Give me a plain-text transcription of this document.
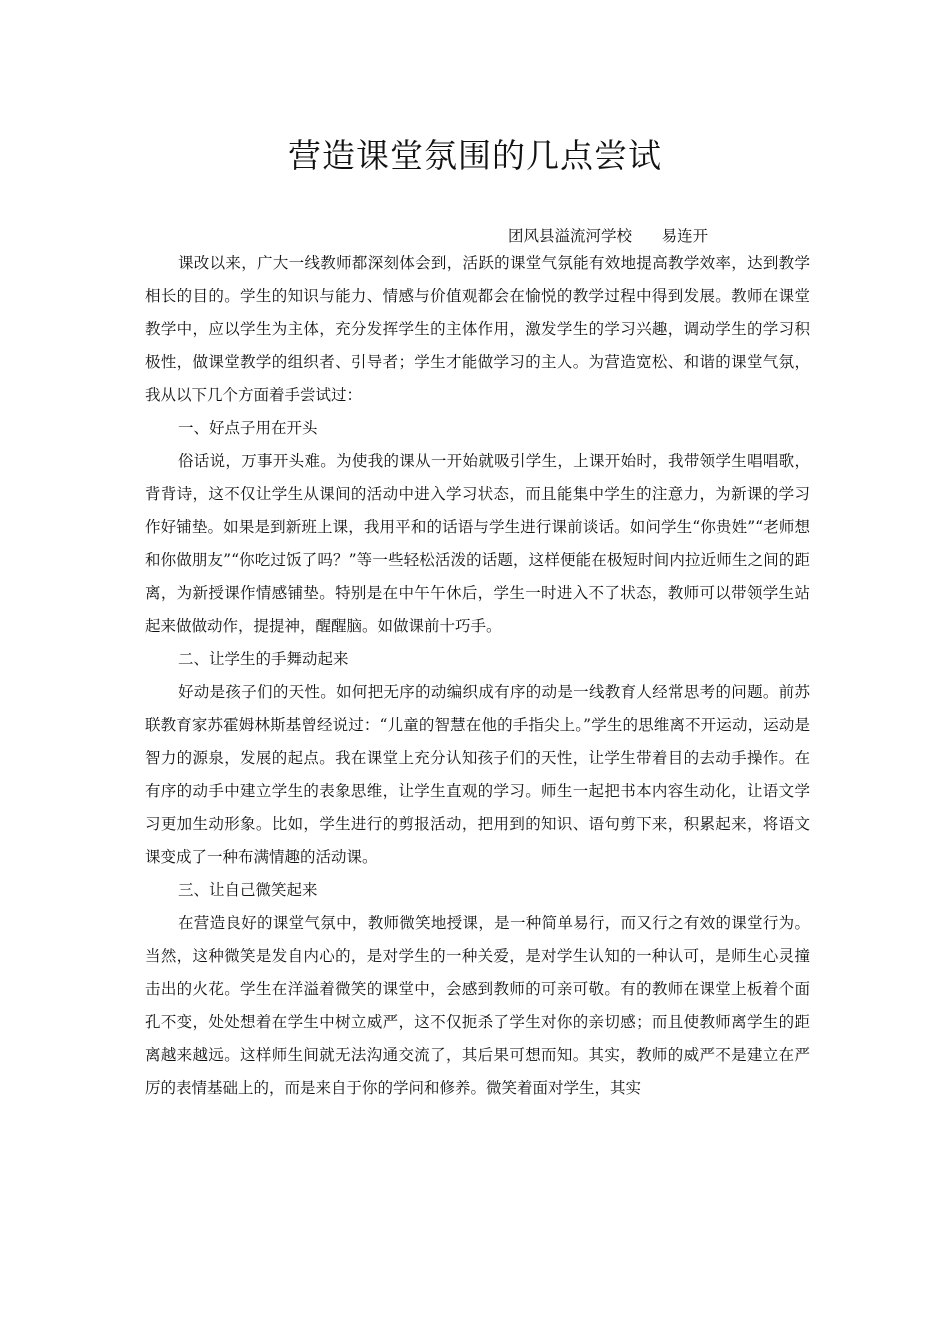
营造课堂氛围的几点尝试

团风县溢流河学校      易连开

课改以来，广大一线教师都深刻体会到，活跃的课堂气氛能有效地提高教学效率，达到教学相长的目的。学生的知识与能力、情感与价值观都会在愉悦的教学过程中得到发展。教师在课堂教学中，应以学生为主体，充分发挥学生的主体作用，激发学生的学习兴趣，调动学生的学习积极性，做课堂教学的组织者、引导者；学生才能做学习的主人。为营造宽松、和谐的课堂气氛，我从以下几个方面着手尝试过：

一、好点子用在开头

俗话说，万事开头难。为使我的课从一开始就吸引学生，上课开始时，我带领学生唱唱歌，背背诗，这不仅让学生从课间的活动中进入学习状态，而且能集中学生的注意力，为新课的学习作好铺垫。如果是到新班上课，我用平和的话语与学生进行课前谈话。如问学生“你贵姓”“老师想和你做朋友”“你吃过饭了吗？”等一些轻松活泼的话题，这样便能在极短时间内拉近师生之间的距离，为新授课作情感铺垫。特别是在中午午休后，学生一时进入不了状态，教师可以带领学生站起来做做动作，提提神，醒醒脑。如做课前十巧手。

二、让学生的手舞动起来

好动是孩子们的天性。如何把无序的动编织成有序的动是一线教育人经常思考的问题。前苏联教育家苏霍姆林斯基曾经说过：“儿童的智慧在他的手指尖上。”学生的思维离不开运动，运动是智力的源泉，发展的起点。我在课堂上充分认知孩子们的天性，让学生带着目的去动手操作。在有序的动手中建立学生的表象思维，让学生直观的学习。师生一起把书本内容生动化，让语文学习更加生动形象。比如，学生进行的剪报活动，把用到的知识、语句剪下来，积累起来，将语文课变成了一种布满情趣的活动课。

三、让自己微笑起来

在营造良好的课堂气氛中，教师微笑地授课，是一种简单易行，而又行之有效的课堂行为。当然，这种微笑是发自内心的，是对学生的一种关爱，是对学生认知的一种认可，是师生心灵撞击出的火花。学生在洋溢着微笑的课堂中，会感到教师的可亲可敬。有的教师在课堂上板着个面孔不变，处处想着在学生中树立威严，这不仅扼杀了学生对你的亲切感；而且使教师离学生的距离越来越远。这样师生间就无法沟通交流了，其后果可想而知。其实，教师的威严不是建立在严厉的表情基础上的，而是来自于你的学问和修养。微笑着面对学生，其实
